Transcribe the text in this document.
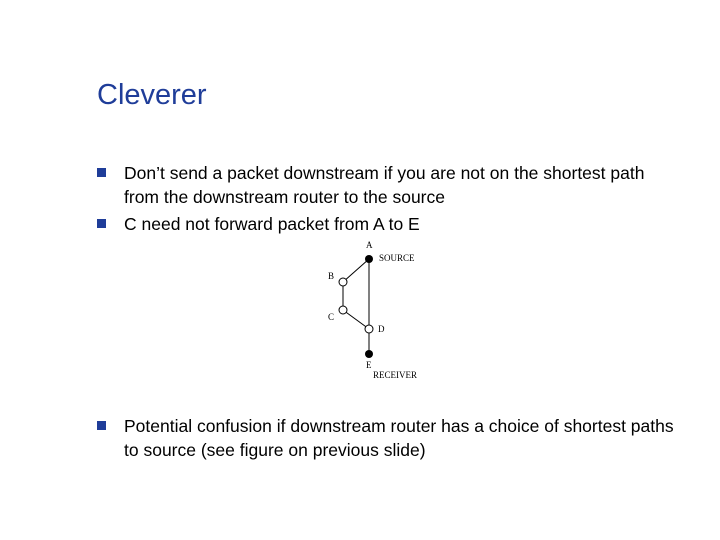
Cleverer
Don’t send a packet downstream if you are not on the shortest path from the downstream router to the source
C need not forward packet from A to E
Potential confusion if downstream router has a choice of shortest paths to source (see figure on previous slide)
A
SOURCE
B
C
D
E
RECEIVER
